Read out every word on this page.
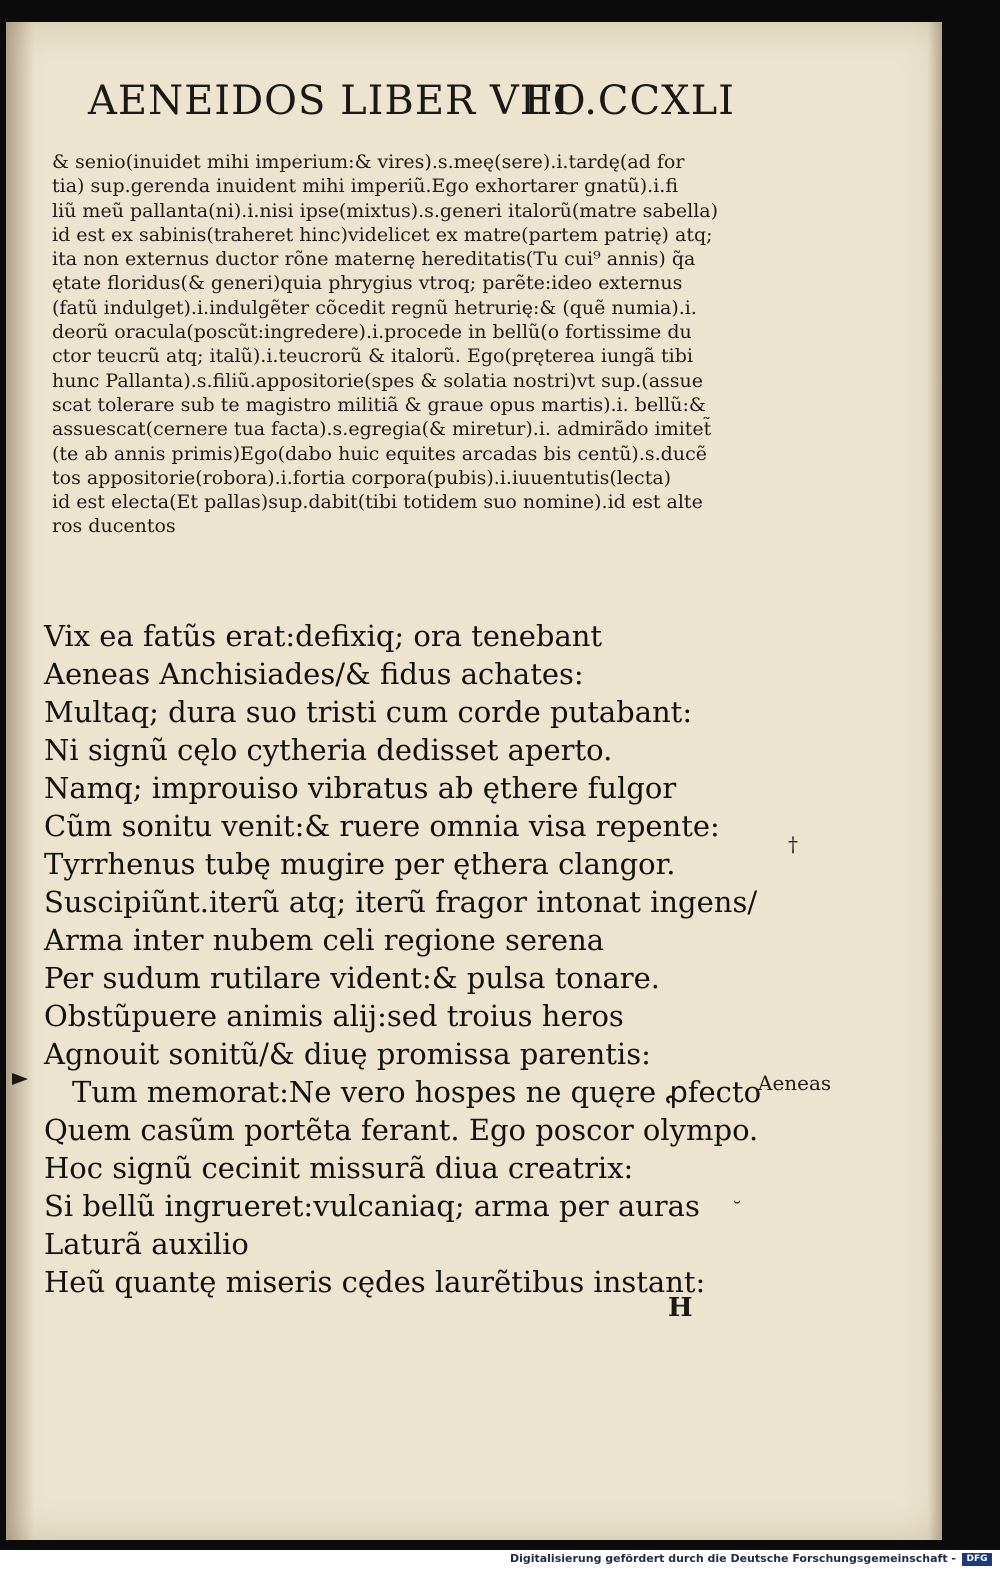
AENEIDOS LIBER VIII
FO.CCXLI
& senio(inuidet mihi imperium:& vires).s.meę(sere).i.tardę(ad for
tia) sup.gerenda inuident mihi imperiũ.Ego exhortarer gnatũ).i.fi
liũ meũ pallanta(ni).i.nisi ipse(mixtus).s.generi italorũ(matre sabella)
id est ex sabinis(traheret hinc)videlicet ex matre(partem patrię) atq;
ita non externus ductor rõne maternę hereditatis(Tu cui⁹ annis) q̃a
ętate floridus(& generi)quia phrygius vtroq; parẽte:ideo externus
(fatũ indulget).i.indulgẽter cõcedit regnũ hetrurię:& (quẽ numia).i.
deorũ oracula(poscũt:ingredere).i.procede in bellũ(o fortissime du
ctor teucrũ atq; italũ).i.teucrorũ & italorũ. Ego(pręterea iungã tibi
hunc Pallanta).s.filiũ.appositorie(spes & solatia nostri)vt sup.(assue
scat tolerare sub te magistro militiã & graue opus martis).i. bellũ:&
assuescat(cernere tua facta).s.egregia(& miretur).i. admirãdo imitet̃
(te ab annis primis)Ego(dabo huic equites arcadas bis centũ).s.ducẽ
tos appositorie(robora).i.fortia corpora(pubis).i.iuuentutis(lecta)
id est electa(Et pallas)sup.dabit(tibi totidem suo nomine).id est alte
ros ducentos
Vix ea fatũs erat:defixiq; ora tenebant
Aeneas Anchisiades/& fidus achates:
Multaq; dura suo tristi cum corde putabant:
Ni signũ cęlo cytheria dedisset aperto.
Namq; improuiso vibratus ab ęthere fulgor
Cũm sonitu venit:& ruere omnia visa repente:
Tyrrhenus tubę mugire per ęthera clangor.
Suscipiũnt.iterũ atq; iterũ fragor intonat ingens/
Arma inter nubem celi regione serena
Per sudum rutilare vident:& pulsa tonare.
Obstũpuere animis alij:sed troius heros
Agnouit sonitũ/& diuę promissa parentis:
Tum memorat:Ne vero hospes ne quęre ꝓfecto
Quem casũm portẽta ferant. Ego poscor olympo.
Hoc signũ cecinit missurã diua creatrix:
Si bellũ ingrueret:vulcaniaq; arma per auras
Laturã auxilio
Heũ quantę miseris cędes laurẽtibus instant:
Aeneas
H
†
˘
Digitalisierung gefördert durch die Deutsche Forschungsgemeinschaft -	DFG
